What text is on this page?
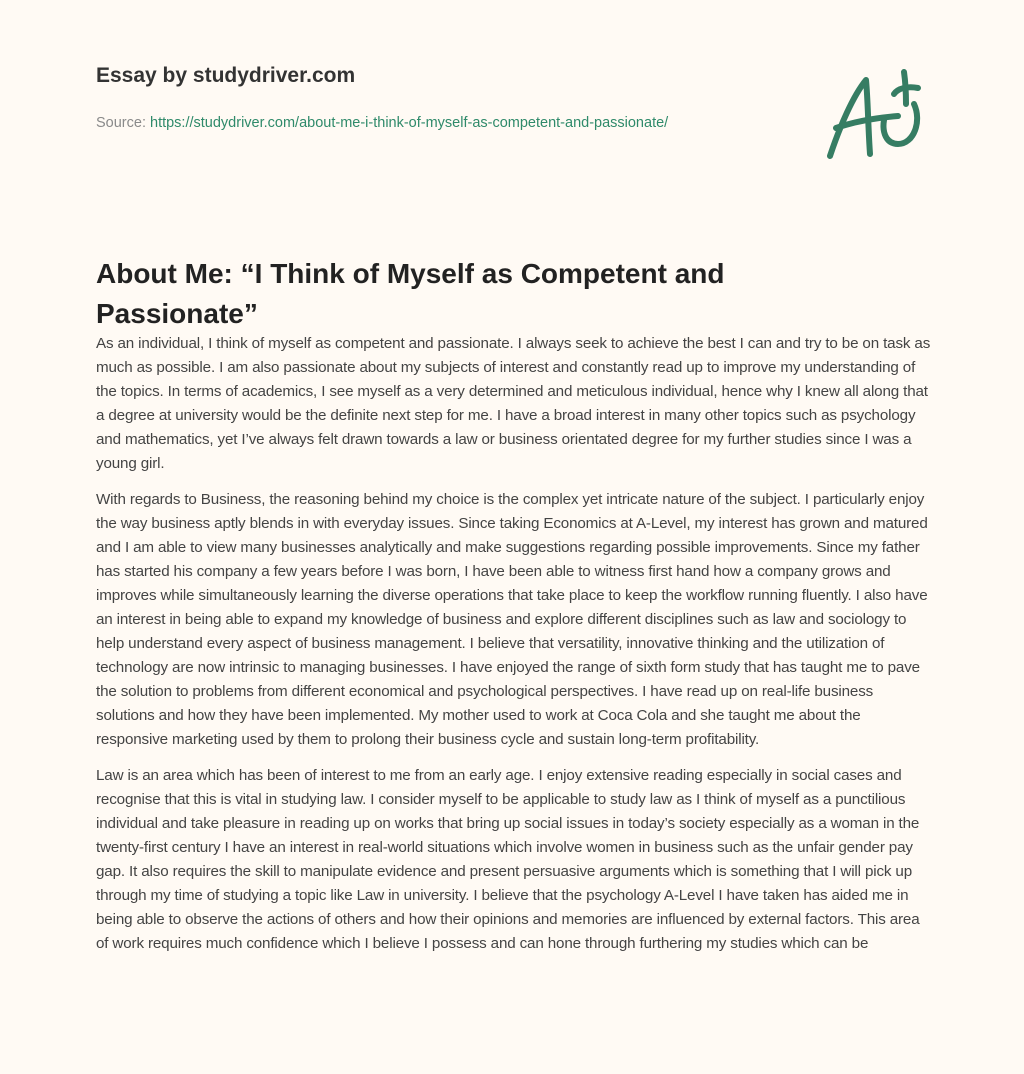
Essay by studydriver.com
Source: https://studydriver.com/about-me-i-think-of-myself-as-competent-and-passionate/
About Me: “I Think of Myself as Competent and Passionate”

As an individual, I think of myself as competent and passionate. I always seek to achieve the best I can and try to be on task as much as possible. I am also passionate about my subjects of interest and constantly read up to improve my understanding of the topics. In terms of academics, I see myself as a very determined and meticulous individual, hence why I knew all along that a degree at university would be the definite next step for me. I have a broad interest in many other topics such as psychology and mathematics, yet I’ve always felt drawn towards a law or business orientated degree for my further studies since I was a young girl.

With regards to Business, the reasoning behind my choice is the complex yet intricate nature of the subject. I particularly enjoy the way business aptly blends in with everyday issues. Since taking Economics at A-Level, my interest has grown and matured and I am able to view many businesses analytically and make suggestions regarding possible improvements. Since my father has started his company a few years before I was born, I have been able to witness first hand how a company grows and improves while simultaneously learning the diverse operations that take place to keep the workflow running fluently. I also have an interest in being able to expand my knowledge of business and explore different disciplines such as law and sociology to help understand every aspect of business management. I believe that versatility, innovative thinking and the utilization of technology are now intrinsic to managing businesses. I have enjoyed the range of sixth form study that has taught me to pave the solution to problems from different economical and psychological perspectives. I have read up on real-life business solutions and how they have been implemented. My mother used to work at Coca Cola and she taught me about the responsive marketing used by them to prolong their business cycle and sustain long-term profitability.

Law is an area which has been of interest to me from an early age. I enjoy extensive reading especially in social cases and recognise that this is vital in studying law. I consider myself to be applicable to study law as I think of myself as a punctilious individual and take pleasure in reading up on works that bring up social issues in today’s society especially as a woman in the twenty-first century I have an interest in real-world situations which involve women in business such as the unfair gender pay gap. It also requires the skill to manipulate evidence and present persuasive arguments which is something that I will pick up through my time of studying a topic like Law in university. I believe that the psychology A-Level I have taken has aided me in being able to observe the actions of others and how their opinions and memories are influenced by external factors. This area of work requires much confidence which I believe I possess and can hone through furthering my studies which can be
